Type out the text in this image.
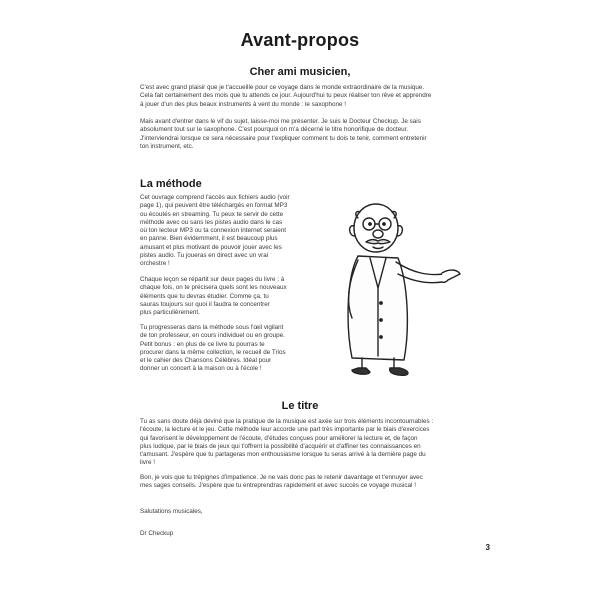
Avant-propos
Cher ami musicien,
C'est avec grand plaisir que je t'accueille pour ce voyage dans le monde extraordinaire de la musique.
Cela fait certainement des mois que tu attends ce jour. Aujourd'hui tu peux réaliser ton rêve et apprendre
à jouer d'un des plus beaux instruments à vent du monde : le saxophone !
Mais avant d'entrer dans le vif du sujet, laisse-moi me présenter. Je suis le Docteur Checkup. Je sais
absolument tout sur le saxophone. C'est pourquoi on m'a décerné le titre honorifique de docteur.
J'interviendrai lorsque ce sera nécessaire pour t'expliquer comment tu dois te tenir, comment entretenir
ton instrument, etc.
La méthode
Cet ouvrage comprend l'accès aux fichiers audio (voir
page 1), qui peuvent être téléchargés en format MP3
ou écoutés en streaming. Tu peux te servir de cette
méthode avec ou sans les pistes audio dans le cas
où ton lecteur MP3 ou ta connexion internet seraient
en panne. Bien évidemment, il est beaucoup plus
amusant et plus motivant de pouvoir jouer avec les
pistes audio. Tu joueras en direct avec un vrai
orchestre !
Chaque leçon se répartit sur deux pages du livre ; à
chaque fois, on te précisera quels sont les nouveaux
éléments que tu devras étudier. Comme ça, tu
sauras toujours sur quoi il faudra te concentrer
plus particulièrement.
Tu progresseras dans la méthode sous l'œil vigilant
de ton professeur, en cours individuel ou en groupe.
Petit bonus : en plus de ce livre tu pourras te
procurer dans la même collection, le recueil de Trios
et le cahier des Chansons Célèbres. Idéal pour
donner un concert à la maison ou à l'école !
Le titre
Tu as sans doute déjà deviné que la pratique de la musique est axée sur trois éléments incontournables :
l'écoute, la lecture et le jeu. Cette méthode leur accorde une part très importante par le biais d'exercices
qui favorisent le développement de l'écoute, d'études conçues pour améliorer la lecture et, de façon
plus ludique, par le biais de jeux qui t'offrent la possibilité d'acquérir et d'affiner tes connaissances en
t'amusant. J'espère que tu partageras mon enthousiasme lorsque tu seras arrivé à la dernière page du
livre !
Bon, je vois que tu trépignes d'impatience. Je ne vais donc pas te retenir davantage et t'ennuyer avec
mes sages conseils. J'espère que tu entreprendras rapidement et avec succès ce voyage musical !
Salutations musicales,
Dr Checkup
3
